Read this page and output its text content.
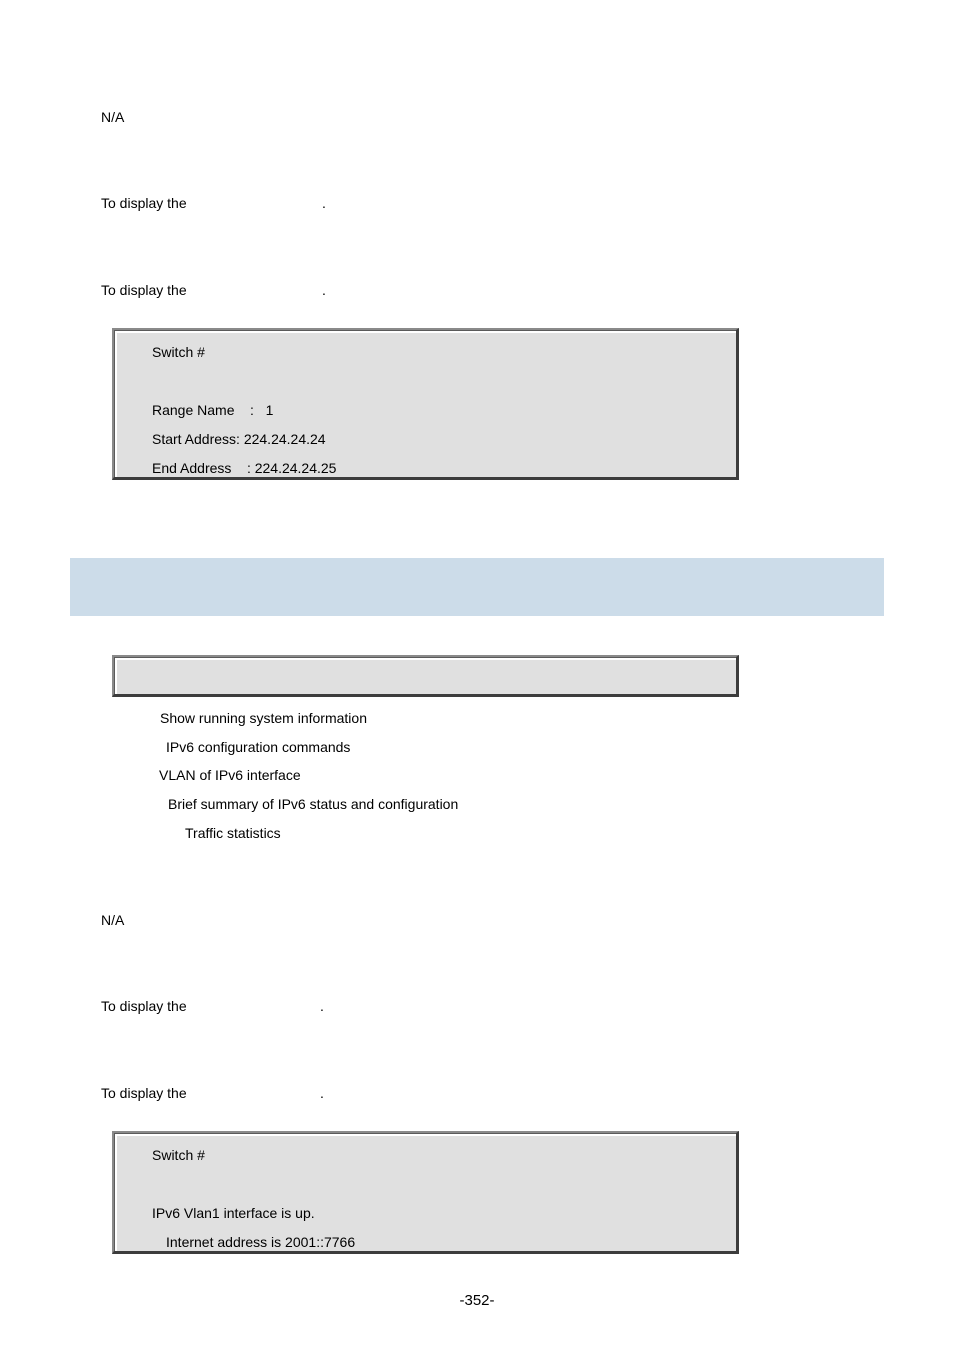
N/A
To display the	.
To display the	.
Switch #
Range Name    :   1
Start Address: 224.24.24.24
End Address    : 224.24.24.25
Show running system information
IPv6 configuration commands
VLAN of IPv6 interface
Brief summary of IPv6 status and configuration
Traffic statistics
N/A
To display the	.
To display the	.
Switch #
IPv6 Vlan1 interface is up.
Internet address is 2001::7766
-352-
